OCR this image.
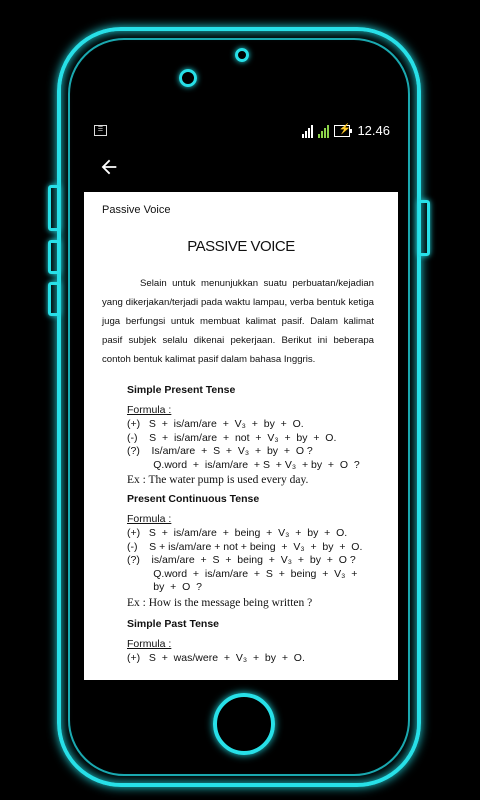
☰	⚡ 12.46
Passive Voice
PASSIVE VOICE
Selain untuk menunjukkan suatu perbuatan/kejadian yang dikerjakan/terjadi pada waktu lampau, verba bentuk ketiga juga berfungsi untuk membuat kalimat pasif. Dalam kalimat pasif subjek selalu dikenai pekerjaan. Berikut ini beberapa contoh bentuk kalimat pasif dalam bahasa Inggris.
Simple Present Tense
Formula :
(+)   S  +  is/am/are  +  V₃  +  by  +  O.
(-)    S  +  is/am/are  +  not  +  V₃  +  by  +  O.
(?)    Is/am/are  +  S  +  V₃  +  by  +  O ?
Q.word  +  is/am/are  + S  + V₃  + by  +  O  ?
Ex : The water pump is used every day.
Present Continuous Tense
Formula :
(+)   S  +  is/am/are  +  being  +  V₃  +  by  +  O.
(-)    S + is/am/are + not + being  +  V₃  +  by  +  O.
(?)    is/am/are  +  S  +  being  +  V₃  +  by  +  O ?
Q.word  +  is/am/are  +  S  +  being  +  V₃  +
by  +  O  ?
Ex : How is the message being written ?
Simple Past Tense
Formula :
(+)   S  +  was/were  +  V₃  +  by  +  O.
